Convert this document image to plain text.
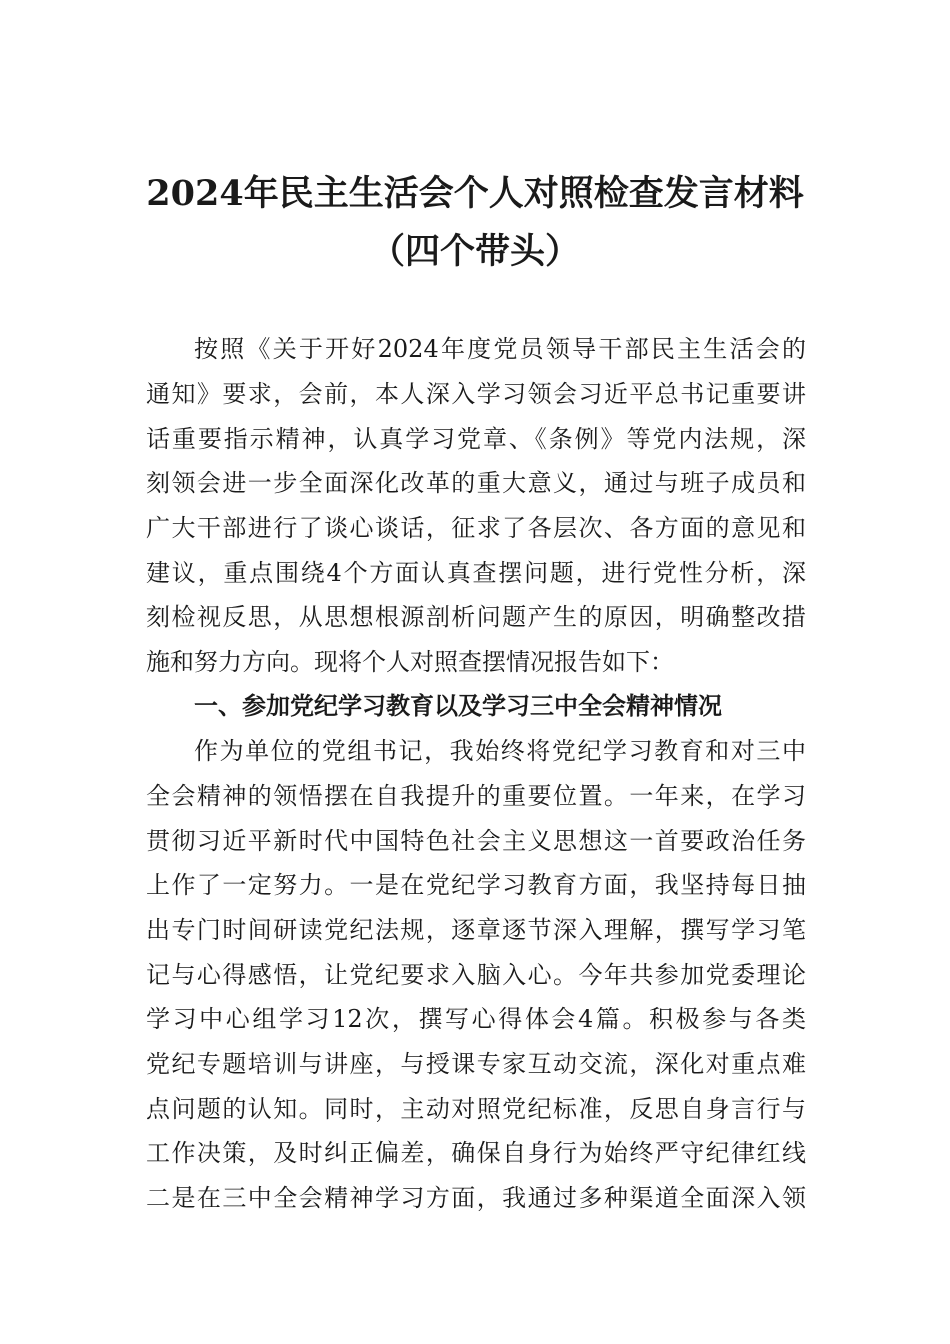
2024年民主生活会个人对照检查发言材料
（四个带头）
按照《关于开好2024年度党员领导干部民主生活会的
通知》要求，会前，本人深入学习领会习近平总书记重要讲
话重要指示精神，认真学习党章、《条例》等党内法规，深
刻领会进一步全面深化改革的重大意义，通过与班子成员和
广大干部进行了谈心谈话，征求了各层次、各方面的意见和
建议，重点围绕4个方面认真查摆问题，进行党性分析，深
刻检视反思，从思想根源剖析问题产生的原因，明确整改措
施和努力方向。现将个人对照查摆情况报告如下：
一、参加党纪学习教育以及学习三中全会精神情况
作为单位的党组书记，我始终将党纪学习教育和对三中
全会精神的领悟摆在自我提升的重要位置。一年来，在学习
贯彻习近平新时代中国特色社会主义思想这一首要政治任务
上作了一定努力。一是在党纪学习教育方面，我坚持每日抽
出专门时间研读党纪法规，逐章逐节深入理解，撰写学习笔
记与心得感悟，让党纪要求入脑入心。今年共参加党委理论
学习中心组学习12次，撰写心得体会4篇。积极参与各类
党纪专题培训与讲座，与授课专家互动交流，深化对重点难
点问题的认知。同时，主动对照党纪标准，反思自身言行与
工作决策，及时纠正偏差，确保自身行为始终严守纪律红线
二是在三中全会精神学习方面，我通过多种渠道全面深入领
